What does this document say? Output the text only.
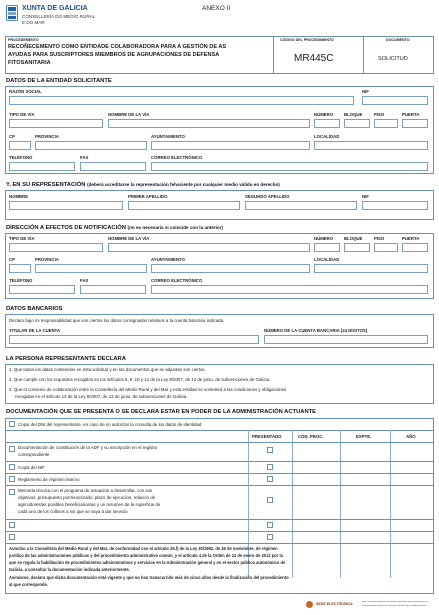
XUNTA DE GALICIA
CONSELLERÍA DO MEDIO RURAL
E DO MAR
ANEXO II
PROCEDEMENTO
RECOÑECEMENTO COMO ENTIDADE COLABORADORA PARA A GESTIÓN DE AS
AYUDAS PARA SUSCRIPTORES MIEMBROS DE AGRUPACIONES DE DEFENSA
FITOSANITARIA
CÓDIGO DEL PROCEDIMIENTO
MR445C
DOCUMENTO
SOLICITUD
DATOS DE LA ENTIDAD SOLICITANTE
RAZÓN SOCIAL	NIF
TIPO DE VÍA	NOMBRE DE LA VÍA	NÚMERO	BLOQUE	PISO	PUERTA
CP	PROVINCIA	AYUNTAMIENTO	LOCALIDAD
TELÉFONO	FAX	CORREO ELECTRÓNICO
Y, EN SU REPRESENTACIÓN (deberá acreditarse la representación fehaciente por cualquier medio válido en derecho)
NOMBRE	PRIMER APELLIDO	SEGUNDO APELLIDO	NIF
DIRECCIÓN A EFECTOS DE NOTIFICACIÓN (no es necesaria si coincide con la anterior)
TIPO DE VÍA	NOMBRE DE LA VÍA	NÚMERO	BLOQUE	PISO	PUERTA
CP	PROVINCIA	AYUNTAMIENTO	LOCALIDAD
TELÉFONO	FAX	CORREO ELECTRÓNICO
DATOS BANCARIOS
Declaro bajo mi responsabilidad que son ciertos los datos consignados relativos a la cuenta bancaria indicada.
TITULAR DE LA CUENTA	NÚMERO DE LA CUENTA BANCARIA (24 DÍGITOS)
LA PERSONA REPRESENTANTE DECLARA
1. Que todos los datos contenidos en esta solicitud y en los documentos que se adjuntan son ciertos.
2. Que cumple con los requisitos recogidos en los artículos 5, 9 ,10 y 12 de la Ley 9/2007, de 13 de junio, de subvenciones de Galicia.
3. Que el convenio de colaboración entre la Consellería del Medio Rural y del Mar y esta entidad se someterá a las condiciones y obligaciones
recogidas en el artículo 13 de la Ley 9/2007, de 13 de junio, de subvenciones de Galicia.
DOCUMENTACIÓN QUE SE PRESENTA O SE DECLARA ESTAR EN PODER DE LA ADMINISTRACIÓN ACTUANTE
Copia del DNI del representante, en caso de no autorizar la consulta de los datos de identidad
PRESENTADO	CÓD. PROC.	EXPTE.	AÑO
Documentación de constitución de la ADF y su inscripción en el registro
correspondiente
Copia del NIF
Reglamento de régimen interno
Memoria técnica con el programa de actuación a desarrollar, con sus
objetivos, presupuesto pormenorizado, plazo de ejecución, relación de
agricultores/as posibles beneficiarios/as y un resumen de la superficie de
cada uno de los cultivos a los que se vaya a dar servicio
Autorizo a la Consellería del Medio Rural y del Mar, de conformidad con el artículo 35.f) de la Ley 30/1992, de 26 de noviembre, de régimen
jurídico de las administraciones públicas y del procedimiento administrativo común, y el artículo 4 de la Orden de 12 de enero de 2012 por la
que se regula la habilitación de procedimientos administrativos y servicios en la Administración general y en el sector público autonómico de
Galicia, a consultar la documentación indicada anteriormente.
Asimismo, declaro que dicha documentación está vigente y que no han transcurrido más de cinco años desde la finalización del procedimiento
al que corresponde.
SEDE ELECTRÓNICA	Este formulario también se puede presentar electrónicamente en
la sede electrónica de la Xunta de Galicia https://sede.xunta.es
